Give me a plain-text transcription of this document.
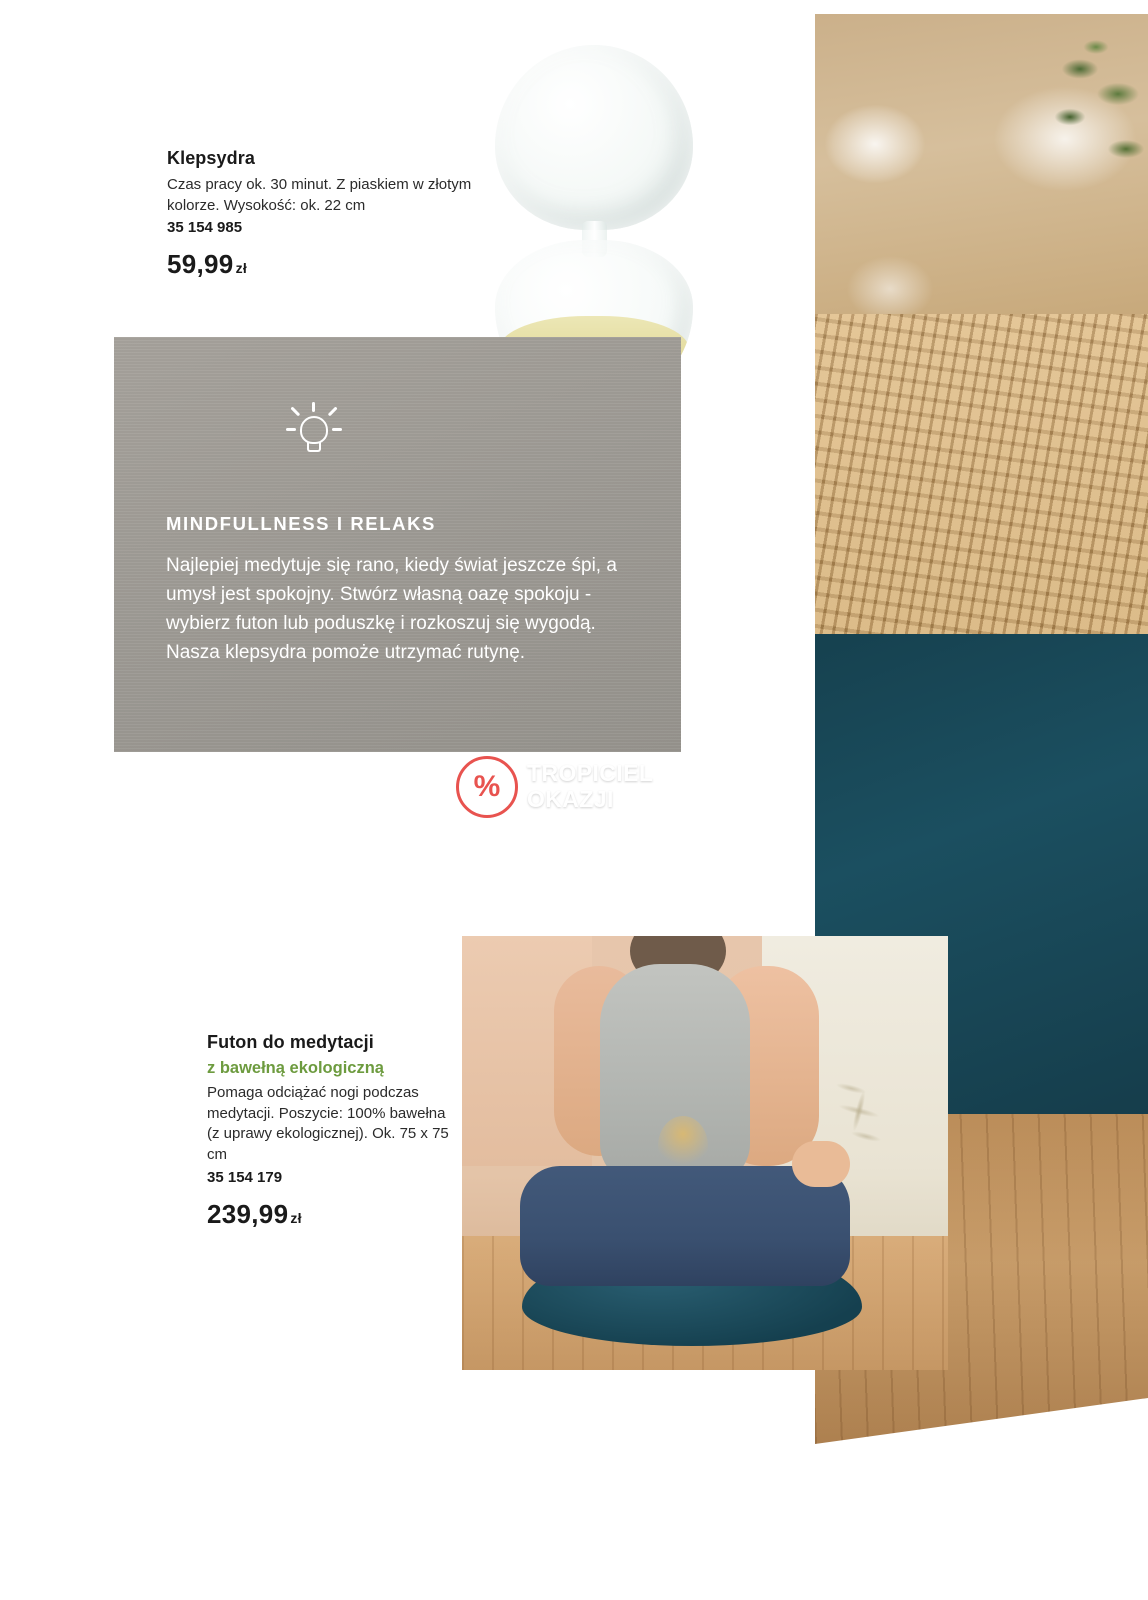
Klepsydra

Czas pracy ok. 30 minut. Z piaskiem w złotym kolorze. Wysokość: ok. 22 cm

35 154 985
59,99 zł
MINDFULLNESS I RELAKS
Najlepiej medytuje się rano, kiedy świat jeszcze śpi, a umysł jest spokojny. Stwórz własną oazę spokoju - wybierz futon lub poduszkę i rozkoszuj się wygodą. Nasza klepsydra pomoże utrzymać rutynę.
%	TROPICIEL
OKAZJI
Futon do medytacji
z bawełną ekologiczną

Pomaga odciążać nogi podczas medytacji. Poszycie: 100% bawełna (z uprawy ekologicznej). Ok. 75 x 75 cm

35 154 179
239,99 zł
